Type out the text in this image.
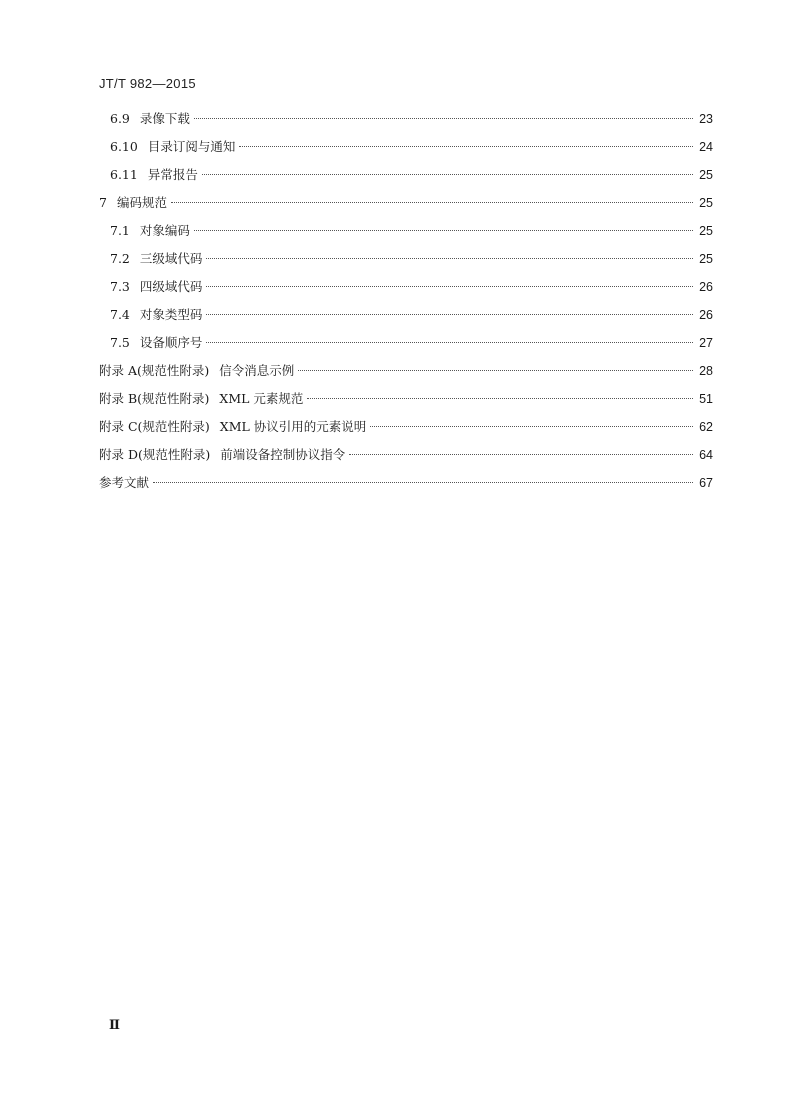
JT/T 982—2015
6.9 录像下载	23
6.10 目录订阅与通知	24
6.11 异常报告	25
7 编码规范	25
7.1 对象编码	25
7.2 三级域代码	25
7.3 四级域代码	26
7.4 对象类型码	26
7.5 设备顺序号	27
附录 A(规范性附录) 信令消息示例	28
附录 B(规范性附录) XML 元素规范	51
附录 C(规范性附录) XML 协议引用的元素说明	62
附录 D(规范性附录) 前端设备控制协议指令	64
参考文献	67
Ⅱ
